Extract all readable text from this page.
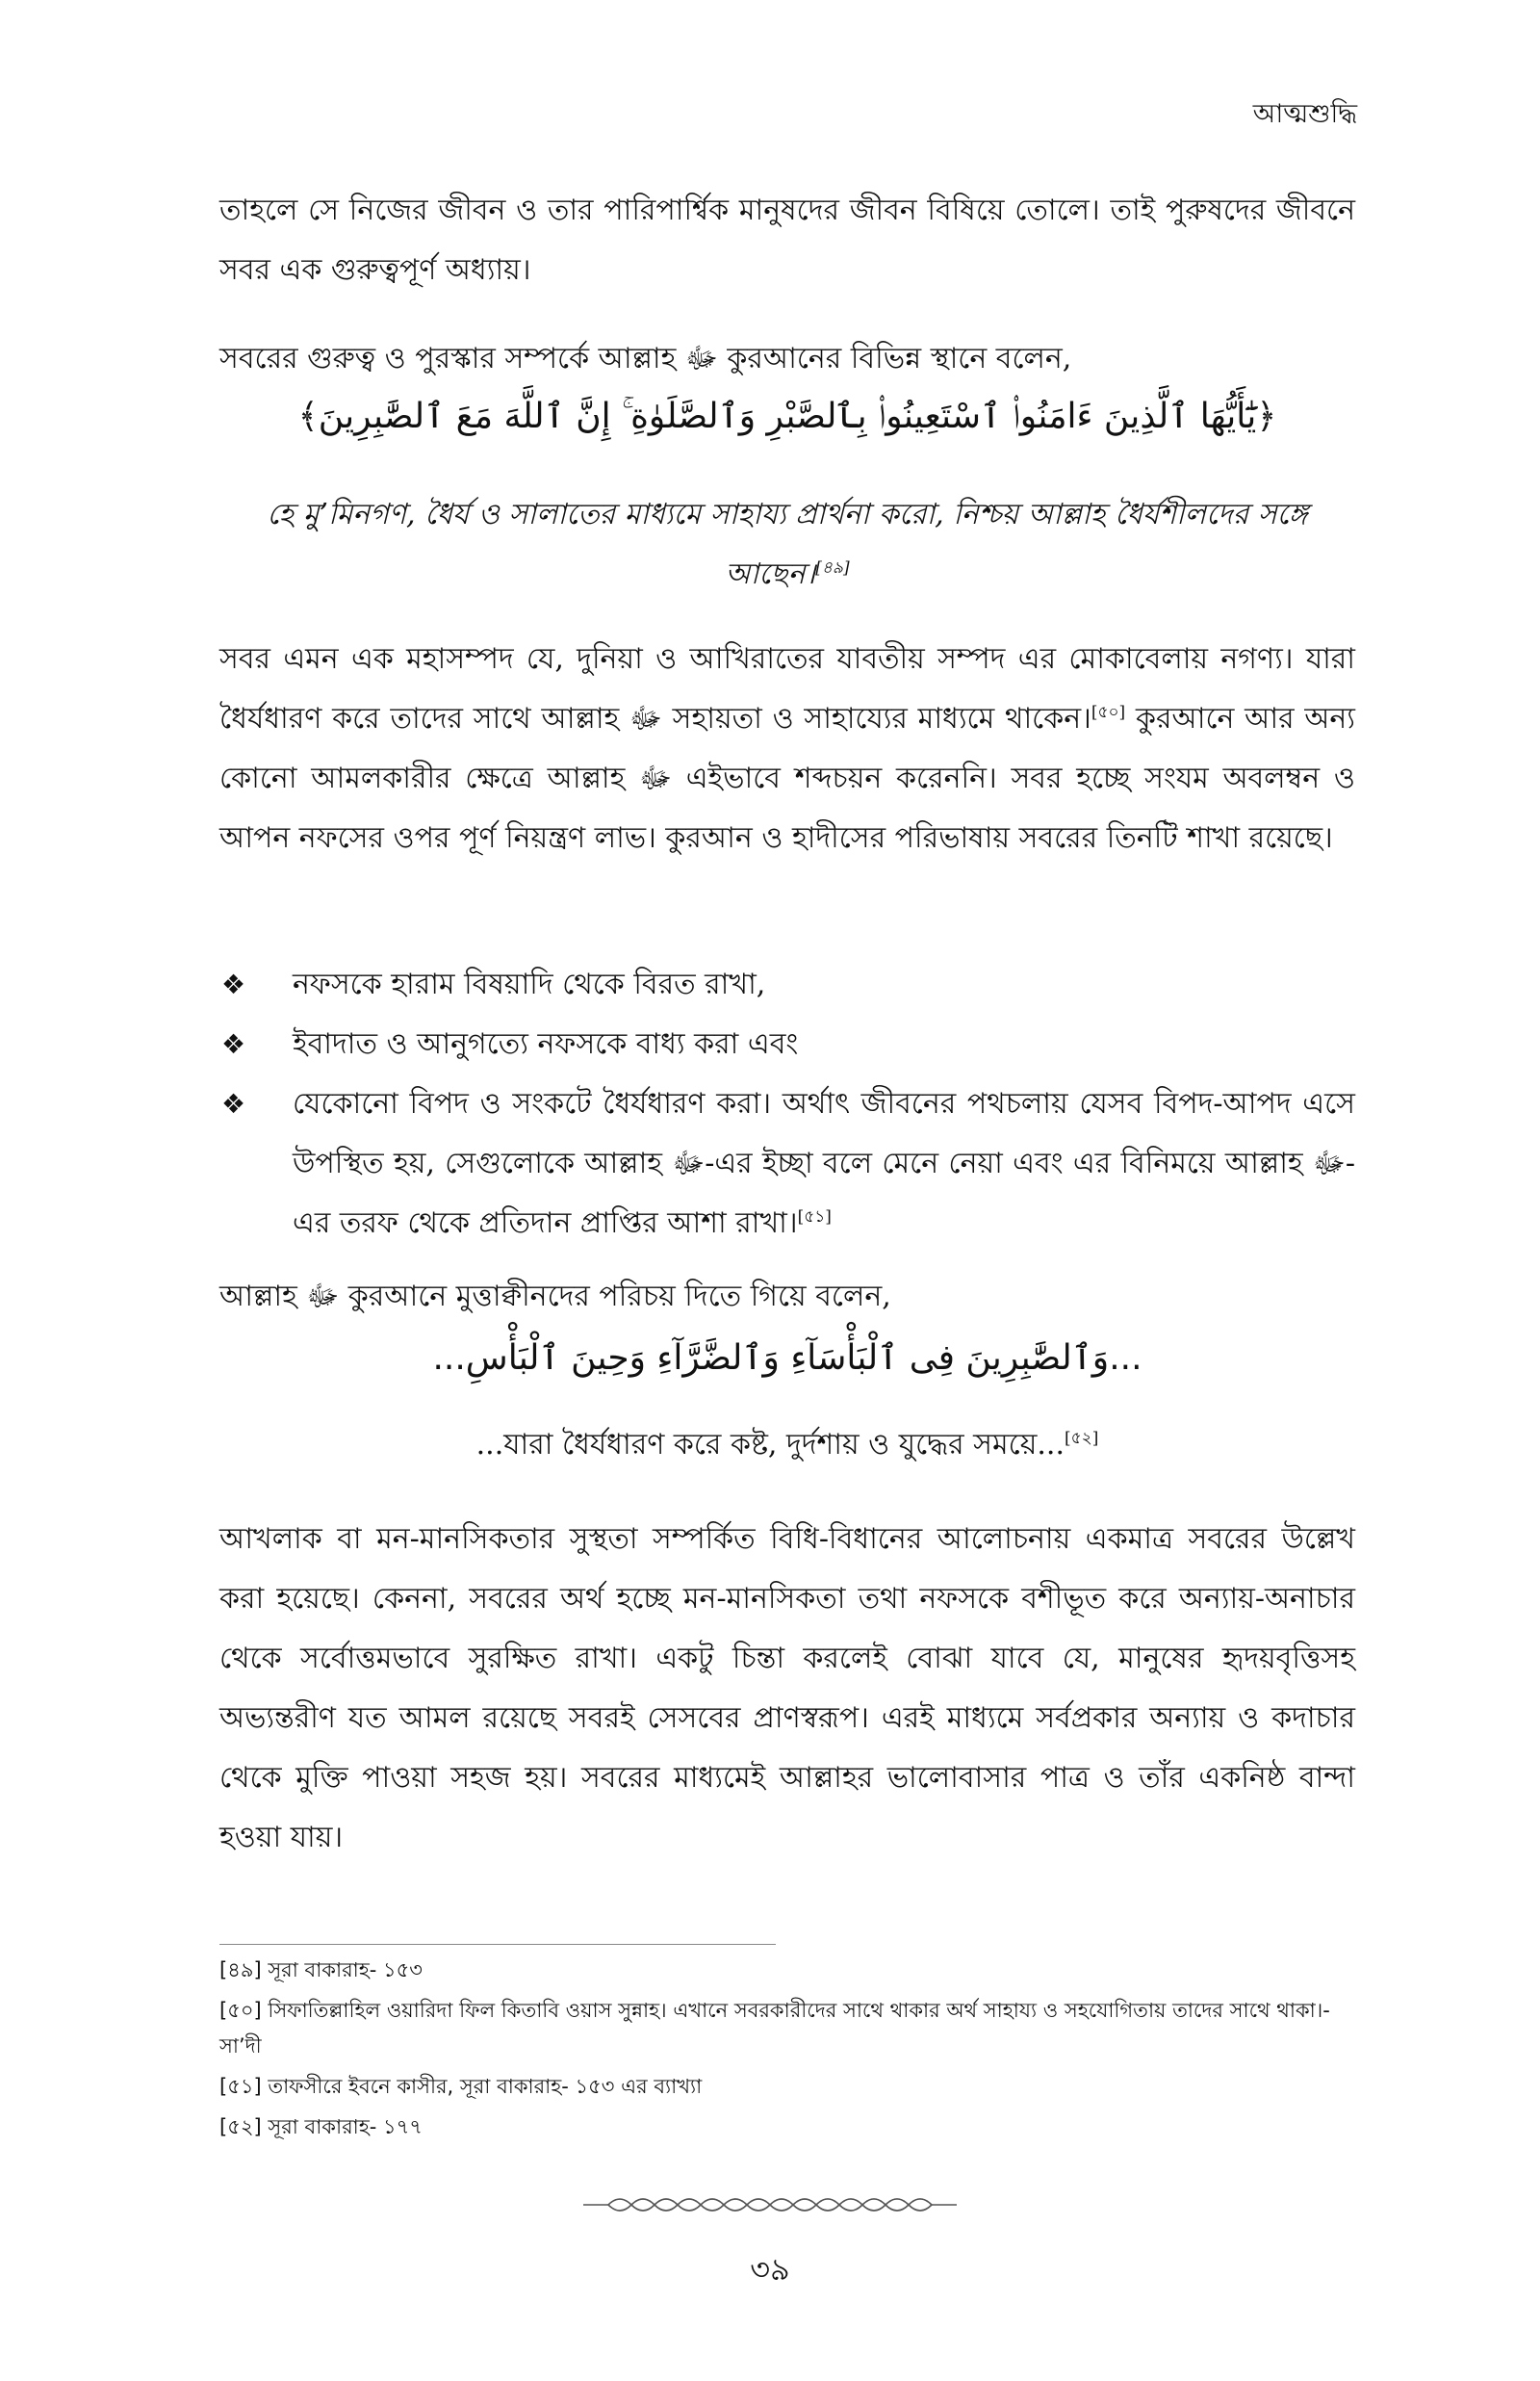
আত্মশুদ্ধি
তাহলে সে নিজের জীবন ও তার পারিপার্শ্বিক মানুষদের জীবন বিষিয়ে তোলে। তাই পুরুষদের জীবনে সবর এক গুরুত্বপূর্ণ অধ্যায়।
সবরের গুরুত্ব ও পুরস্কার সম্পর্কে আল্লাহ ﷻ কুরআনের বিভিন্ন স্থানে বলেন,
﴿يَٰٓأَيُّهَا ٱلَّذِينَ ءَامَنُوا۟ ٱسْتَعِينُوا۟ بِٱلصَّبْرِ وَٱلصَّلَوٰةِ ۚ إِنَّ ٱللَّهَ مَعَ ٱلصَّٰبِرِينَ﴾
হে মু’মিনগণ, ধৈর্য ও সালাতের মাধ্যমে সাহায্য প্রার্থনা করো, নিশ্চয় আল্লাহ ধৈর্যশীলদের সঙ্গে আছেন।[৪৯]
সবর এমন এক মহাসম্পদ যে, দুনিয়া ও আখিরাতের যাবতীয় সম্পদ এর মোকাবেলায় নগণ্য। যারা ধৈর্যধারণ করে তাদের সাথে আল্লাহ ﷻ সহায়তা ও সাহায্যের মাধ্যমে থাকেন।[৫০] কুরআনে আর অন্য কোনো আমলকারীর ক্ষেত্রে আল্লাহ ﷻ এইভাবে শব্দচয়ন করেননি। সবর হচ্ছে সংযম অবলম্বন ও আপন নফসের ওপর পূর্ণ নিয়ন্ত্রণ লাভ। কুরআন ও হাদীসের পরিভাষায় সবরের তিনটি শাখা রয়েছে।
❖ নফসকে হারাম বিষয়াদি থেকে বিরত রাখা,
❖ ইবাদাত ও আনুগত্যে নফসকে বাধ্য করা এবং
❖ যেকোনো বিপদ ও সংকটে ধৈর্যধারণ করা। অর্থাৎ জীবনের পথচলায় যেসব বিপদ-আপদ এসে উপস্থিত হয়, সেগুলোকে আল্লাহ ﷻ-এর ইচ্ছা বলে মেনে নেয়া এবং এর বিনিময়ে আল্লাহ ﷻ-এর তরফ থেকে প্রতিদান প্রাপ্তির আশা রাখা।[৫১]
আল্লাহ ﷻ কুরআনে মুত্তাক্বীনদের পরিচয় দিতে গিয়ে বলেন,
...وَٱلصَّٰبِرِينَ فِى ٱلْبَأْسَآءِ وَٱلضَّرَّآءِ وَحِينَ ٱلْبَأْسِ...
...যারা ধৈর্যধারণ করে কষ্ট, দুর্দশায় ও যুদ্ধের সময়ে...[৫২]
আখলাক বা মন-মানসিকতার সুস্থতা সম্পর্কিত বিধি-বিধানের আলোচনায় একমাত্র সবরের উল্লেখ করা হয়েছে। কেননা, সবরের অর্থ হচ্ছে মন-মানসিকতা তথা নফসকে বশীভূত করে অন্যায়-অনাচার থেকে সর্বোত্তমভাবে সুরক্ষিত রাখা। একটু চিন্তা করলেই বোঝা যাবে যে, মানুষের হৃদয়বৃত্তিসহ অভ্যন্তরীণ যত আমল রয়েছে সবরই সেসবের প্রাণস্বরূপ। এরই মাধ্যমে সর্বপ্রকার অন্যায় ও কদাচার থেকে মুক্তি পাওয়া সহজ হয়। সবরের মাধ্যমেই আল্লাহর ভালোবাসার পাত্র ও তাঁর একনিষ্ঠ বান্দা হওয়া যায়।
[৪৯] সূরা বাকারাহ- ১৫৩
[৫০] সিফাতিল্লাহিল ওয়ারিদা ফিল কিতাবি ওয়াস সুন্নাহ। এখানে সবরকারীদের সাথে থাকার অর্থ সাহায্য ও সহযোগিতায় তাদের সাথে থাকা।-সা’দী
[৫১] তাফসীরে ইবনে কাসীর, সূরা বাকারাহ- ১৫৩ এর ব্যাখ্যা
[৫২] সূরা বাকারাহ- ১৭৭
৩৯
